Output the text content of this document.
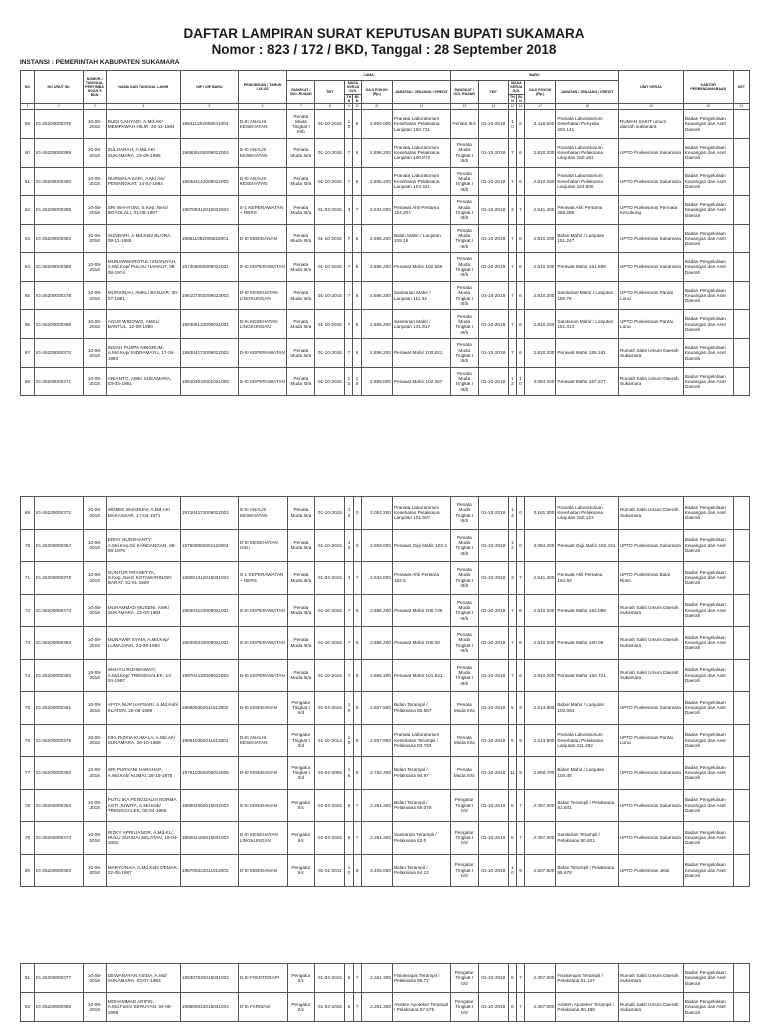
DAFTAR LAMPIRAN SURAT KEPUTUSAN BUPATI SUKAMARA
Nomor : 823 / 172 / BKD, Tanggal : 28 September 2018
INSTANSI : PEMERINTAH KABUPATEN SUKAMARA
NO	NO URUT SK	NOMOR / TANGGAL PERTIMBANGAN S BKN	NAMA DAN TANGGAL LAHIR	NIP / NIP BARU	PENDIDIKAN / TAHUN LULUS	LAMA						BARU						UNIT KERJA	KANTOR PERBENDAHARAAN	KET
						PANGKAT / GOL RUANG	TMT	MASA KERJA GOL		GAJI POKOK (Rp.)	JABATAN / JENJANG / KREDIT	PANGKAT / GOL RUANG	TMT	MASA KERJA GOL		GAJI POKOK (Rp.)	JABATAN / JENJANG / KREDIT			
								THN	BLN					THN	BLN					
1	2	3	4	5	6	7	8	9	10	11	12	13	14	15	16	17	18	19	20	21
59	IG-26200000376	10-09-2018	BUDI CAHYADI, A.Md.AK/ MEMPAWAH HILIR, 20-11-1984	198411202008041004	D-III ANALIS KESEHATAN	Penata Muda Tingkat I III/b	01-10-2015	10	6	2.900.000	Pranata Laboratorium Kesehatan Pelaksana Lanjutan 150.711	Penata III/c	01-10-2018	10	6	3.116.500	Pranata Laboratorium Kesehatan Penyelia 202.141	RUMAH SAKIT umum daerah sukamara	Badan Pengelolaan Keuangan dan Aset Daerah	
60	IG-26200000389	10-09-2018	ZULHARAH, A.Md.AK/ SUKAMARA, 15-09-1985	198509152009022004	D-III ANALIS KESEHATAN	Penata Muda III/a	01-10-2015	7	6	2.696.200	Pranata Laboratorium Kesehatan Pelaksana Lanjutan 100.872	Penata Muda Tingkat I III/b	01-10-2018	7	6	2.810.200	Pranata Laboratorium Kesehatan Pelaksana Lanjutan 150.161	UPTD Puskesmas Sukamara	Badan Pengelolaan Keuangan dan Aset Daerah	
61	IG-26200000380	10-09-2018	NURMALA SARI, A.Md.AK/ PEMANGKAT, 14-04-1984	198404142009022002	D-III ANALIS KESEHATAN	Penata Muda III/a	01-10-2015	7	6	2.696.200	Pranata Laboratorium Kesehatan Pelaksana Lanjutan 103.421	Penata Muda Tingkat I III/b	01-10-2018	7	6	2.810.200	Pranata Laboratorium Kesehatan Pelaksana Lanjutan 154.506	UPTD Puskesmas Sukamara	Badan Pengelolaan Keuangan dan Aset Daerah	
62	IG-26200000385	10-09-2018	SRI WAHYUNI, S.Kep.,Ners/ BOYOLALI, 31-08-1987	198708312015032004	S-1 KEPERAWATAN + NERS	Penata Muda III/a	01-03-2015	3	7	2.534.000	Perawat Ahli Pertama 124.207	Penata Muda Tingkat I III/b	01-10-2018	3	7	2.641.200	Perawat Ahli Pertama 258.285	UPTD Puskesmas Permata Kecubung	Badan Pengelolaan Keuangan dan Aset Daerah	
63	IG-26200000384	10-09-2018	SUNDARI, A.Md.Keb/ BLORA, 08-11-1985	198511082009022001	D-III KEBIDANAN	Penata Muda III/a	01-10-2015	7	6	2.696.200	Bidan Mahir / Lanjutan 109.16	Penata Muda Tingkat I III/b	01-10-2018	7	6	2.810.200	Bidan Mahir / Lanjutan 151.247	UPTD Puskesmas Sukamara	Badan Pengelolaan Keuangan dan Aset Daerah	
64	IG-26200000388	10-09-2018	MUNAWWAROTUL ISNANIYAH, A.Md.Kep/ PULAU HANAUT, 08-08-1974	197408082009022001	D-III KEPERAWATAN	Penata Muda III/a	01-10-2015	7	6	2.696.200	Perawat Mahir 102.569	Penata Muda Tingkat I III/b	01-10-2018	7	6	2.810.200	Perawat Mahir 151.899	UPTD Puskesmas Sukamara	Badan Pengelolaan Keuangan dan Aset Daerah	
65	IG-26200000378	10-09-2018	MURSINAH, AMKL/ BANJAR, 30-07-1981	198107302009022002	D-III KESEHATAN LINGKUNGAN	Penata Muda III/a	01-10-2015	7	6	2.696.200	Sanitarian Mahir / Lanjutan 111.32	Penata Muda Tingkat I III/b	01-10-2018	7	6	2.810.200	Sanitarian Mahir / Lanjutan 150.76	UPTD Puskesmas Pantai Lunci	Badan Pengelolaan Keuangan dan Aset Daerah	
66	IG-26200000386	10-09-2018	AGUS WIDOWO, AMKL/ BANTUL, 12-08-1980	198308122009021001	D-III KESEHATAN LINGKUNGAN	Penata Muda III/a	01-10-2015	7	6	2.696.200	Sanitarian Mahir / Lanjutan 131.817	Penata Muda Tingkat I III/b	01-10-2018	7	6	2.810.200	Sanitarian Mahir / Lanjutan 151.313	UPTD Puskesmas Pantai Lunci	Badan Pengelolaan Keuangan dan Aset Daerah	
67	IG-26200000370	10-09-2018	INDAH PUSPA NINGRUM, A.Md.Kep/ INDRAMAYU, 17-04-1983	198304172009022002	D-III KEPERAWATAN	Penata Muda III/a	01-10-2015	7	6	2.696.200	Perawat Mahir 100.821	Penata Muda Tingkat I III/b	01-10-2018	7	6	2.810.200	Perawat Mahir 155.181	Rumah Sakit Umum Daerah Sukamara	Badan Pengelolaan Keuangan dan Aset Daerah	
68	IG-26200000371	10-09-2018	ARIANTO, AMK/ SUKAMARA, 03-03-1981	198103032001021006	D-III KEPERAWATAN	Penata Muda III/a	01-10-2015	12	10	2.959.000	Perawat Mahir 102.367	Penata Muda Tingkat I III/b	01-10-2018	12	10	3.084.200	Perawat Mahir 157.577	Rumah Sakit Umum Daerah Sukamara	Badan Pengelolaan Keuangan dan Aset Daerah	
69	IG-26200000372	10-09-2018	WINIEK WAHDUNI, A.Md.AK/ MAKASSAR, 17-04-1971	197104172009022003	D-III ANALIS KESEHATAN	Penata Muda III/a	01-10-2015	14	0	3.052.200	Pranata Laboratorium Kesehatan Pelaksana Lanjutan 101.507	Penata Muda Tingkat I III/b	01-10-2018	14	0	3.181.300	Pranata Laboratorium Kesehatan Pelaksana Lanjutan 150.123	Rumah Sakit Umum Daerah Sukamara	Badan Pengelolaan Keuangan dan Aset Daerah	
70	IG-26200000367	10-09-2018	ERNY HUDSHANTY, A.Md.Kes.Gi/ KANDANGAN, 08-08-1976	197608082001122004	D-III KESEHATAN GIGI	Penata Muda III/a	01-10-2015	12	0	2.959.000	Perawat Gigi Mahir 103.4	Penata Muda Tingkat I III/b	01-10-2018	12	0	3.084.200	Perawat Gigi Mahir 150.161	UPTD Puskesmas Sukamara	Badan Pengelolaan Keuangan dan Aset Daerah	
71	IG-26200000379	10-09-2018	GUNTUR PRASETYA, S.Kep.,Ners/ KOTAWARINGIN BARAT, 31-01-1990	199001312015031004	S-1 KEPERAWATAN + NERS	Penata Muda III/a	01-03-2015	3	7	2.534.000	Perawat Ahli Pertama 102.6	Penata Muda Tingkat I III/b	01-10-2018	3	7	2.641.200	Perawat Ahli Pertama 164.92	UPTD Puskesmas Balai Riam	Badan Pengelolaan Keuangan dan Aset Daerah	
72	IG-26200000373	10-09-2018	MUHAMMAD MUSENI, AMK/ SUKAMARA, 12-03-1984	198403122009021001	D-III KEPERAWATAN	Penata Muda III/a	01-10-2015	7	6	2.696.200	Perawat Mahir 100.748	Penata Muda Tingkat I III/b	01-10-2018	7	6	2.810.200	Perawat Mahir 154.098	Rumah Sakit Umum Daerah Sukamara	Badan Pengelolaan Keuangan dan Aset Daerah	
73	IG-26200000383	10-09-2018	MUNAWIR SYAM, A.Md.Kep/ LUMAJANG, 23-08-1983	198308232009021001	D-III KEPERAWATAN	Penata Muda III/a	01-10-2015	7	6	2.696.200	Perawat Mahir 100.05	Penata Muda Tingkat I III/b	01-10-2018	7	6	2.810.200	Perawat Mahir 150.09	Rumah Sakit Umum Daerah Sukamara	Badan Pengelolaan Keuangan dan Aset Daerah	
74	IG-26200000382	10-09-2018	WAHYU ROHMAWATI, A.Md.Kep/ TRENGGALEK, 13-04-1987	198704132009022002	D-III KEPERAWATAN	Penata Muda III/a	01-10-2015	7	6	2.696.200	Perawat Mahir 101.541	Penata Muda Tingkat I III/b	01-10-2018	7	6	2.810.200	Perawat Mahir 150.721	Rumah Sakit Umum Daerah Sukamara	Badan Pengelolaan Keuangan dan Aset Daerah	
75	IG-26200000381	10-09-2018	AFITA NUR HAPSARI, A.Md.Keb/ KLATEN, 26-08-1989	198908262011012002	D-III KEBIDANAN	Pengatur Tingkat I II/d	01-04-2015	10	9	2.507.800	Bidan Terampil / Pelaksana 82.567	Penata Muda III/a	01-10-2018	5	9	2.613.800	Bidan Mahir / Lanjutan 103.054	UPTD Puskesmas Sukamara	Badan Pengelolaan Keuangan dan Aset Daerah	
76	IG-26200000375	10-09-2018	KIKI RIZKIA KUMALA, A.Md.AK/ SUKAMARA, 26-10-1989	198910262011012001	D-III ANALIS KESEHATAN	Pengatur Tingkat I II/d	01-10-2014	10	9	2.507.800	Pranata Laboratorium Kesehatan Terampil / Pelaksana 83.793	Penata Muda III/a	01-10-2018	5	9	2.613.800	Pranata Laboratorium Kesehatan Pelaksana Lanjutan 111.282	UPTD Puskesmas Pantai Lunci	Badan Pengelolaan Keuangan dan Aset Daerah	
77	IG-26200000392	10-09-2018	SRI PURYANI HARAHAP, A.Md.Keb/ KUMAI, 28-10-1978	197810282005012005	D-III KEBIDANAN	Pengatur Tingkat I II/d	01-04-2009	16	9	2.752.300	Bidan Terampil / Pelaksana 94.97	Penata Muda III/a	01-10-2018	11	9	2.868.700	Bidan Mahir / Lanjutan 104.46	UPTD Puskesmas Sukamara	Badan Pengelolaan Keuangan dan Aset Daerah	
78	IG-26200000364	10-09-2018	PUTU IKA PENGGALIH NORMA ASTI JUWITA, A.Md.Keb/ TRENGGALEK, 06-04-1989	198904062015032003	D-III KEBIDANAN	Pengatur II/c	01-03-2015	6	7	2.261.300	Bidan Terampil / Pelaksana 69.078	Pengatur Tingkat I II/d	01-10-2018	6	7	2.357.000	Bidan Terampil / Pelaksana 81.041	UPTD Puskesmas Sukamara	Badan Pengelolaan Keuangan dan Aset Daerah	
79	IG-26200000374	10-09-2018	RIZKY APRILIANOR, A.Md.KL/ HULU SUNGAI SELATAN, 18-04-1992	199204182015031003	D-III KESEHATAN LINGKUNGAN	Pengatur II/c	01-03-2015	6	7	2.261.300	Sanitarian Terampil / Pelaksana 62.0	Pengatur Tingkat I II/d	01-10-2018	6	7	2.357.000	Sanitarian Terampil / Pelaksana 80.601	UPTD Puskesmas Sukamara	Badan Pengelolaan Keuangan dan Aset Daerah	
80	IG-26200000393	10-09-2018	MARYONAH, A.Md.Keb/ DEMAK, 22-05-1987	198705222011012003	D-III KEBIDANAN	Pengatur II/c	01-01-2011	10	9	2.406.000	Bidan Terampil / Pelaksana 64.13	Pengatur Tingkat I II/d	01-10-2018	10	9	2.507.800	Bidan Terampil / Pelaksana 85.678	UPTD Puskesmas Jelai	Badan Pengelolaan Keuangan dan Aset Daerah	
81	IG-26200000377	10-09-2018	DEWANAYAN ASIDA, A.Md/ SUKAMARA, 03-07-1993	199307032015031002	D-III FISIOTERAPI	Pengatur II/c	01-03-2015	6	7	2.261.300	Fisioterapis Terampil / Pelaksana 86.72	Pengatur Tingkat I II/d	01-10-2018	6	7	2.357.000	Fisioterapis Terampil / Pelaksana 61.127	Rumah Sakit Umum Daerah Sukamara	Badan Pengelolaan Keuangan dan Aset Daerah	
82	IG-26200000365	10-09-2018	MOHAMMAD ARIFIN, A.Md.Farm/ SERUYAN, 04-06-1988	198806042015031004	D-III FARMASI	Pengatur II/c	01-03-2015	6	7	2.261.300	Asisten Apoteker Terampil / Pelaksana 67.675	Pengatur Tingkat I II/d	01-10-2018	6	7	2.357.000	Asisten Apoteker Terampil / Pelaksana 80.489	Rumah Sakit Umum Daerah Sukamara	Badan Pengelolaan Keuangan dan Aset Daerah	
